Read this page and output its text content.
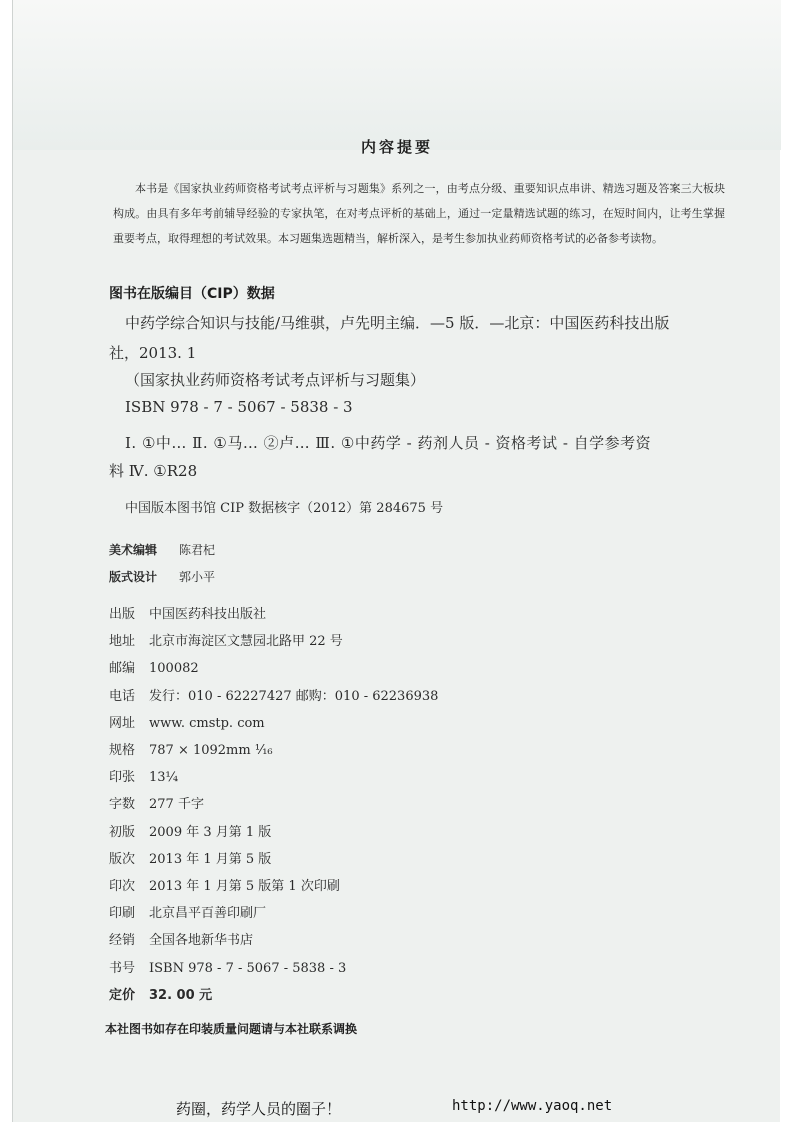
内容提要

本书是《国家执业药师资格考试考点评析与习题集》系列之一，由考点分级、重要知识点串讲、精选习题及答案三大板块构成。由具有多年考前辅导经验的专家执笔，在对考点评析的基础上，通过一定量精选试题的练习，在短时间内，让考生掌握重要考点，取得理想的考试效果。本习题集选题精当，解析深入，是考生参加执业药师资格考试的必备参考读物。

图书在版编目（CIP）数据
中药学综合知识与技能/马维骐，卢先明主编．—5 版．—北京：中国医药科技出版
社，2013. 1
（国家执业药师资格考试考点评析与习题集）
ISBN 978 - 7 - 5067 - 5838 - 3
Ⅰ. ①中… Ⅱ. ①马… ②卢… Ⅲ. ①中药学 - 药剂人员 - 资格考试 - 自学参考资
料 Ⅳ. ①R28
中国版本图书馆 CIP 数据核字（2012）第 284675 号
美术编辑 陈君杞
版式设计 郭小平
出版 中国医药科技出版社
地址 北京市海淀区文慧园北路甲 22 号
邮编 100082
电话 发行：010 - 62227427 邮购：010 - 62236938
网址 www. cmstp. com
规格 787 × 1092mm ⅟₁₆
印张 13¼
字数 277 千字
初版 2009 年 3 月第 1 版
版次 2013 年 1 月第 5 版
印次 2013 年 1 月第 5 版第 1 次印刷
印刷 北京昌平百善印刷厂
经销 全国各地新华书店
书号 ISBN 978 - 7 - 5067 - 5838 - 3
定价 32. 00 元
本社图书如存在印装质量问题请与本社联系调换
药圈，药学人员的圈子！	http://www.yaoq.net
